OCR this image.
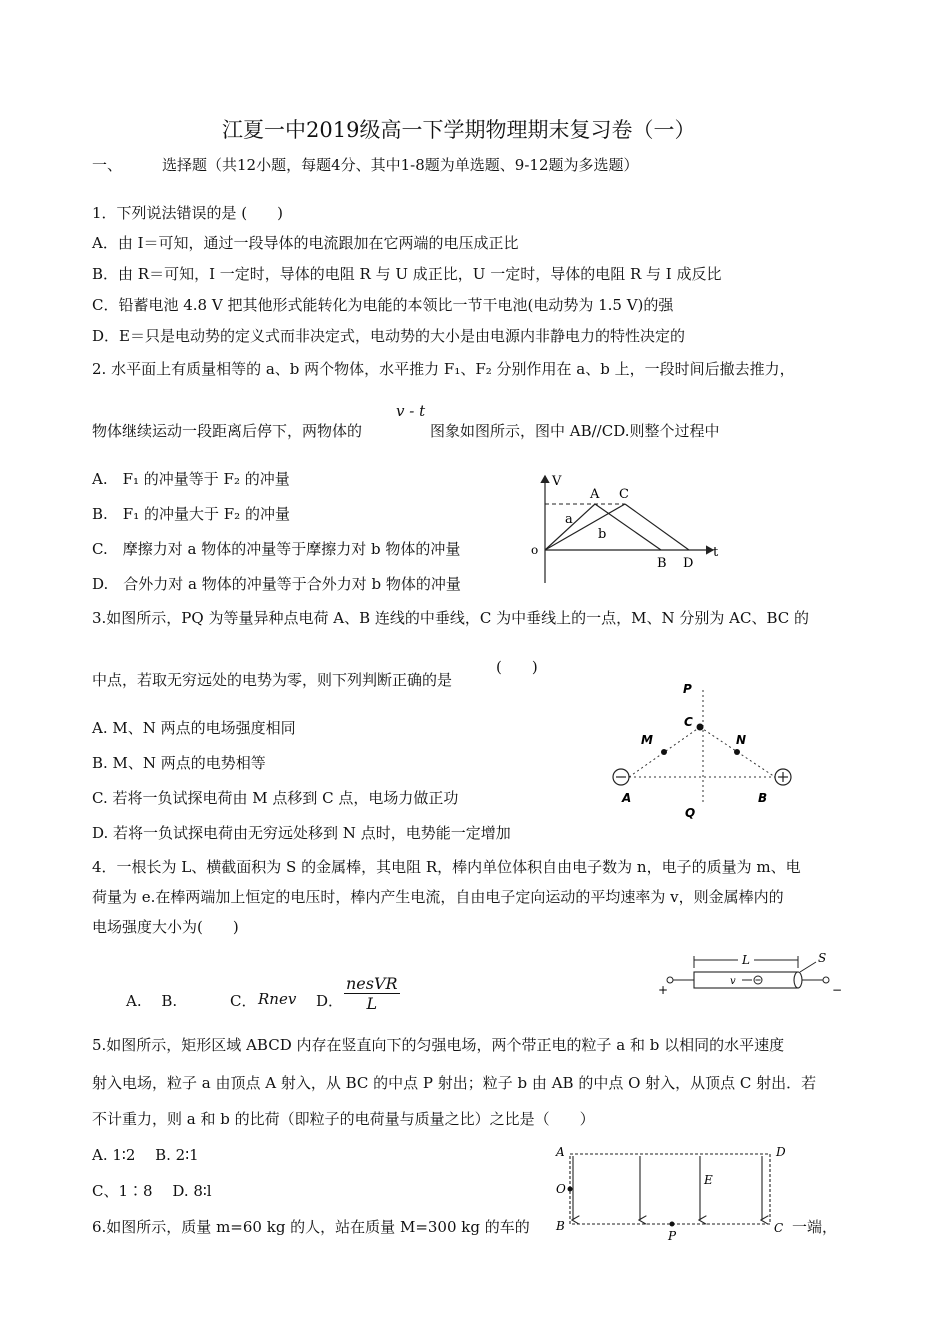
江夏一中2019级高一下学期物理期末复习卷（一）
一、	选择题（共12小题，每题4分、其中1-8题为单选题、9-12题为多选题）
1．下列说法错误的是 (　　)
A．由 I＝可知，通过一段导体的电流跟加在它两端的电压成正比
B．由 R＝可知，I 一定时，导体的电阻 R 与 U 成正比，U 一定时，导体的电阻 R 与 I 成反比
C．铅蓄电池 4.8 V 把其他形式能转化为电能的本领比一节干电池(电动势为 1.5 V)的强
D．E＝只是电动势的定义式而非决定式，电动势的大小是由电源内非静电力的特性决定的
2. 水平面上有质量相等的 a、b 两个物体，水平推力 F₁、F₂ 分别作用在 a、b 上，一段时间后撤去推力，
物体继续运动一段距离后停下，两物体的
v - t
图象如图所示，图中 AB//CD.则整个过程中
A.　F₁ 的冲量等于 F₂ 的冲量
B.　F₁ 的冲量大于 F₂ 的冲量
C.　摩擦力对 a 物体的冲量等于摩擦力对 b 物体的冲量
D.　合外力对 a 物体的冲量等于合外力对 b 物体的冲量
V
t
o
A C
a
b
B D
3.如图所示，PQ 为等量异种点电荷 A、B 连线的中垂线，C 为中垂线上的一点，M、N 分别为 AC、BC 的
中点，若取无穷远处的电势为零，则下列判断正确的是
(　　)
A. M、N 两点的电场强度相同
B. M、N 两点的电势相等
C. 若将一负试探电荷由 M 点移到 C 点，电场力做正功
D. 若将一负试探电荷由无穷远处移到 N 点时，电势能一定增加
P
C
M	N
A	B
Q
4．一根长为 L、横截面积为 S 的金属棒，其电阻 R，棒内单位体积自由电子数为 n，电子的质量为 m、电
荷量为 e.在棒两端加上恒定的电压时，棒内产生电流，自由电子定向运动的平均速率为 v，则金属棒内的
电场强度大小为(　　)
A.　 B.	C． Rnev D．
nesVR
L
L	S
v
+	−
5.如图所示，矩形区域 ABCD 内存在竖直向下的匀强电场，两个带正电的粒子 a 和 b 以相同的水平速度
射入电场，粒子 a 由顶点 A 射入，从 BC 的中点 P 射出；粒子 b 由 AB 的中点 O 射入，从顶点 C 射出．若
不计重力，则 a 和 b 的比荷（即粒子的电荷量与质量之比）之比是（　　）
A. 1∶2　 B. 2∶1
C、1∶8　 D. 8∶l
A	D
O
E
B	C
P
6.如图所示，质量 m=60 kg 的人，站在质量 M=300 kg 的车的	一端，
